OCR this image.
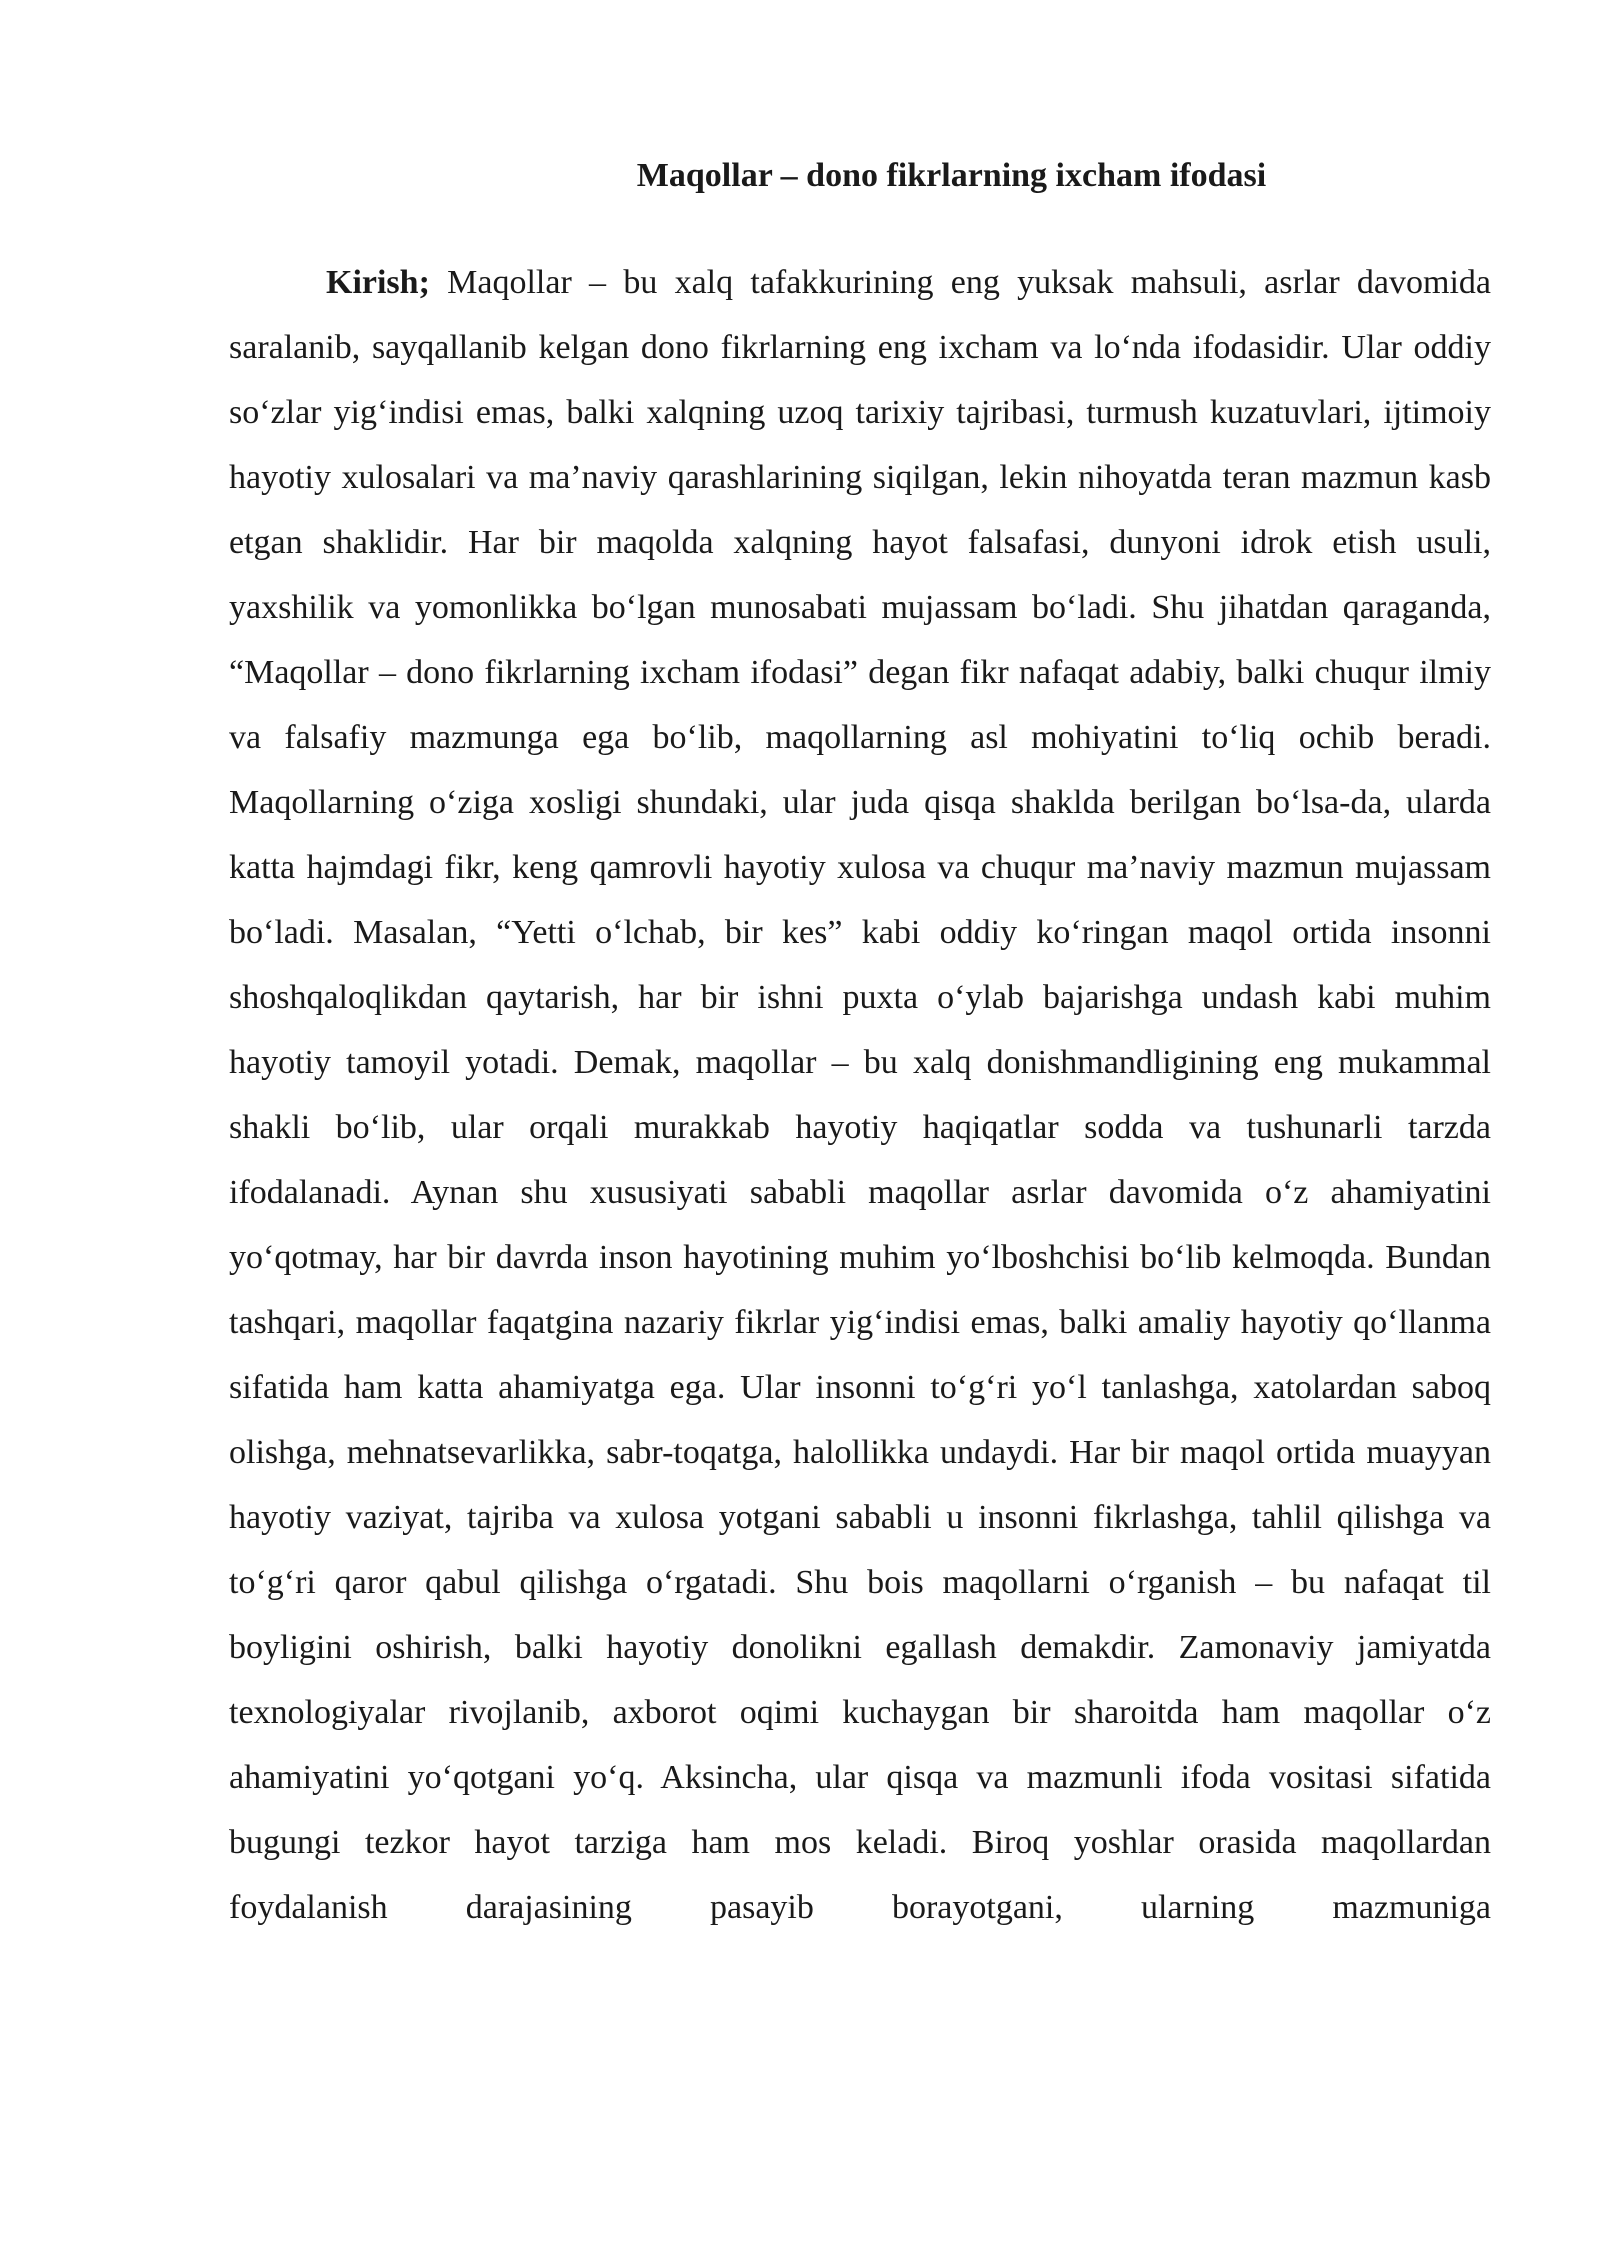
Maqollar – dono fikrlarning ixcham ifodasi

Kirish; Maqollar – bu xalq tafakkurining eng yuksak mahsuli, asrlar davomida saralanib, sayqallanib kelgan dono fikrlarning eng ixcham va lo‘nda ifodasidir. Ular oddiy so‘zlar yig‘indisi emas, balki xalqning uzoq tarixiy tajribasi, turmush kuzatuvlari, ijtimoiy hayotiy xulosalari va ma’naviy qarashlarining siqilgan, lekin nihoyatda teran mazmun kasb etgan shaklidir. Har bir maqolda xalqning hayot falsafasi, dunyoni idrok etish usuli, yaxshilik va yomonlikka bo‘lgan munosabati mujassam bo‘ladi. Shu jihatdan qaraganda, “Maqollar – dono fikrlarning ixcham ifodasi” degan fikr nafaqat adabiy, balki chuqur ilmiy va falsafiy mazmunga ega bo‘lib, maqollarning asl mohiyatini to‘liq ochib beradi. Maqollarning o‘ziga xosligi shundaki, ular juda qisqa shaklda berilgan bo‘lsa-da, ularda katta hajmdagi fikr, keng qamrovli hayotiy xulosa va chuqur ma’naviy mazmun mujassam bo‘ladi. Masalan, “Yetti o‘lchab, bir kes” kabi oddiy ko‘ringan maqol ortida insonni shoshqaloqlikdan qaytarish, har bir ishni puxta o‘ylab bajarishga undash kabi muhim hayotiy tamoyil yotadi. Demak, maqollar – bu xalq donishmandligining eng mukammal shakli bo‘lib, ular orqali murakkab hayotiy haqiqatlar sodda va tushunarli tarzda ifodalanadi. Aynan shu xususiyati sababli maqollar asrlar davomida o‘z ahamiyatini yo‘qotmay, har bir davrda inson hayotining muhim yo‘lboshchisi bo‘lib kelmoqda. Bundan tashqari, maqollar faqatgina nazariy fikrlar yig‘indisi emas, balki amaliy hayotiy qo‘llanma sifatida ham katta ahamiyatga ega. Ular insonni to‘g‘ri yo‘l tanlashga, xatolardan saboq olishga, mehnatsevarlikka, sabr-toqatga, halollikka undaydi. Har bir maqol ortida muayyan hayotiy vaziyat, tajriba va xulosa yotgani sababli u insonni fikrlashga, tahlil qilishga va to‘g‘ri qaror qabul qilishga o‘rgatadi. Shu bois maqollarni o‘rganish – bu nafaqat til boyligini oshirish, balki hayotiy donolikni egallash demakdir. Zamonaviy jamiyatda texnologiyalar rivojlanib, axborot oqimi kuchaygan bir sharoitda ham maqollar o‘z ahamiyatini yo‘qotgani yo‘q. Aksincha, ular qisqa va mazmunli ifoda vositasi sifatida bugungi tezkor hayot tarziga ham mos keladi. Biroq yoshlar orasida maqollardan foydalanish darajasining pasayib borayotgani, ularning mazmuniga
